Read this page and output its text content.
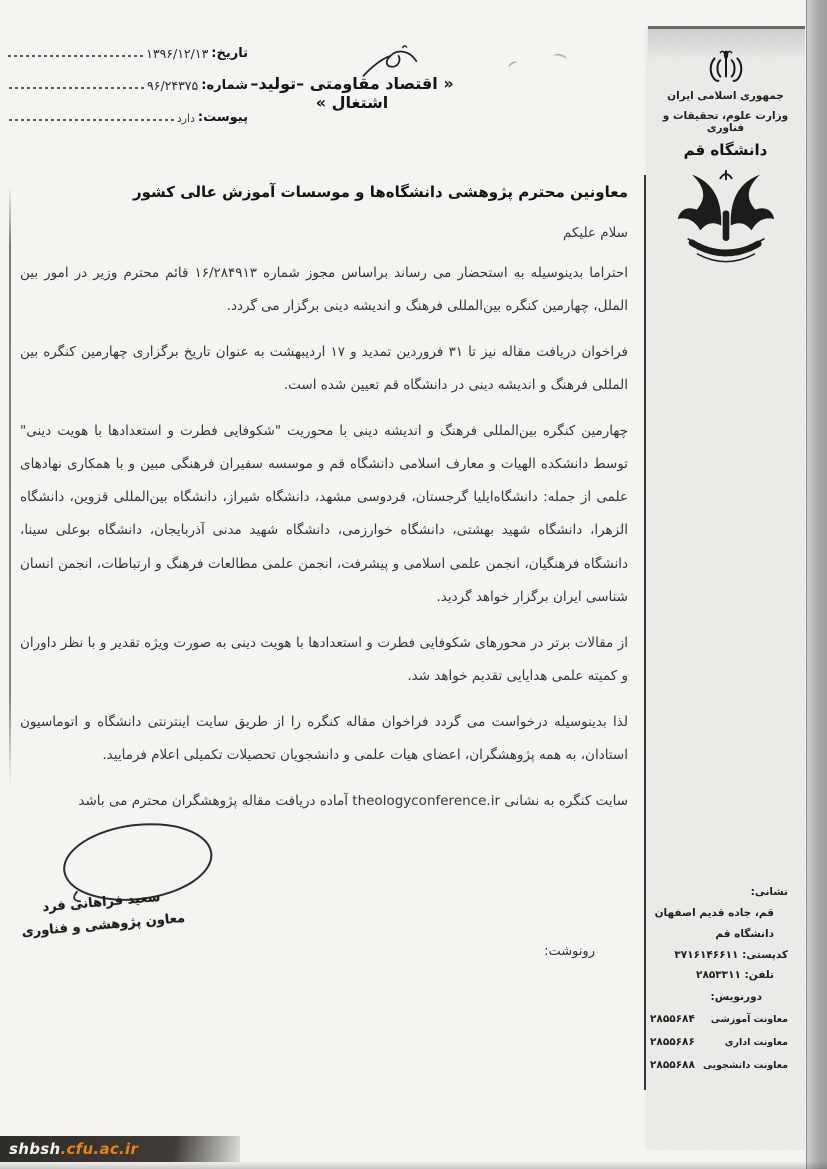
تاریخ:
۱۳۹۶/۱۲/۱۳
شماره:
۹۶/۲۴۳۷۵
پیوست:
دارد
« اقتصاد مقاومتی –تولید– اشتغال »	جمهوری اسلامی ایران
وزارت علوم، تحقیقات و فناوری
دانشگاه قم
معاونین محترم پژوهشی دانشگاه‌ها و موسسات آموزش عالی کشور
سلام علیکم

احتراما بدینوسیله به استحضار می رساند براساس مجوز شماره ۱۶/۲۸۴۹۱۳ قائم محترم وزیر در امور بین الملل، چهارمین کنگره بین‌المللی فرهنگ و اندیشه دینی برگزار می گردد.

فراخوان دریافت مقاله نیز تا ۳۱ فروردین تمدید و ۱۷ اردیبهشت به عنوان تاریخ برگزاری چهارمین کنگره بین المللی فرهنگ و اندیشه دینی در دانشگاه قم تعیین شده است.

چهارمین کنگره بین‌المللی فرهنگ و اندیشه دینی با محوریت "شکوفایی فطرت و استعدادها با هویت دینی" توسط دانشکده الهیات و معارف اسلامی دانشگاه قم و موسسه سفیران فرهنگی مبین و با همکاری نهادهای علمی از جمله: دانشگاه‌ایلیا گرجستان، فردوسی مشهد، دانشگاه شیراز، دانشگاه بین‌المللی قزوین، دانشگاه الزهرا، دانشگاه شهید بهشتی، دانشگاه خوارزمی، دانشگاه شهید مدنی آذربایجان، دانشگاه بوعلی سینا، دانشگاه فرهنگیان، انجمن علمی اسلامی و پیشرفت، انجمن علمی مطالعات فرهنگ و ارتباطات، انجمن انسان شناسی ایران برگزار خواهد گردید.

از مقالات برتر در محورهای شکوفایی فطرت و استعدادها با هویت دینی به صورت ویژه تقدیر و با نظر داوران و کمیته علمی هدایایی تقدیم خواهد شد.

لذا بدینوسیله درخواست می گردد فراخوان مقاله کنگره را از طریق سایت اینترنتی دانشگاه و اتوماسیون استادان، به همه پژوهشگران، اعضای هیات علمی و دانشجویان تحصیلات تکمیلی اعلام فرمایید.

سایت کنگره به نشانی theologyconference.ir آماده دریافت مقاله پژوهشگران محترم می باشد

سعید فراهانی فرد
معاون پژوهشی و فناوری
رونوشت:
نشانی:
قم، جاده قدیم اصفهان
دانشگاه قم
کدپستی: ۳۷۱۶۱۴۶۶۱۱
تلفن: ۲۸۵۳۳۱۱
دورنویس:
معاونت آموزشی
۲۸۵۵۶۸۴
معاونت اداری
۲۸۵۵۶۸۶
معاونت دانشجویی
۲۸۵۵۶۸۸
shbsh .cfu.ac.ir
